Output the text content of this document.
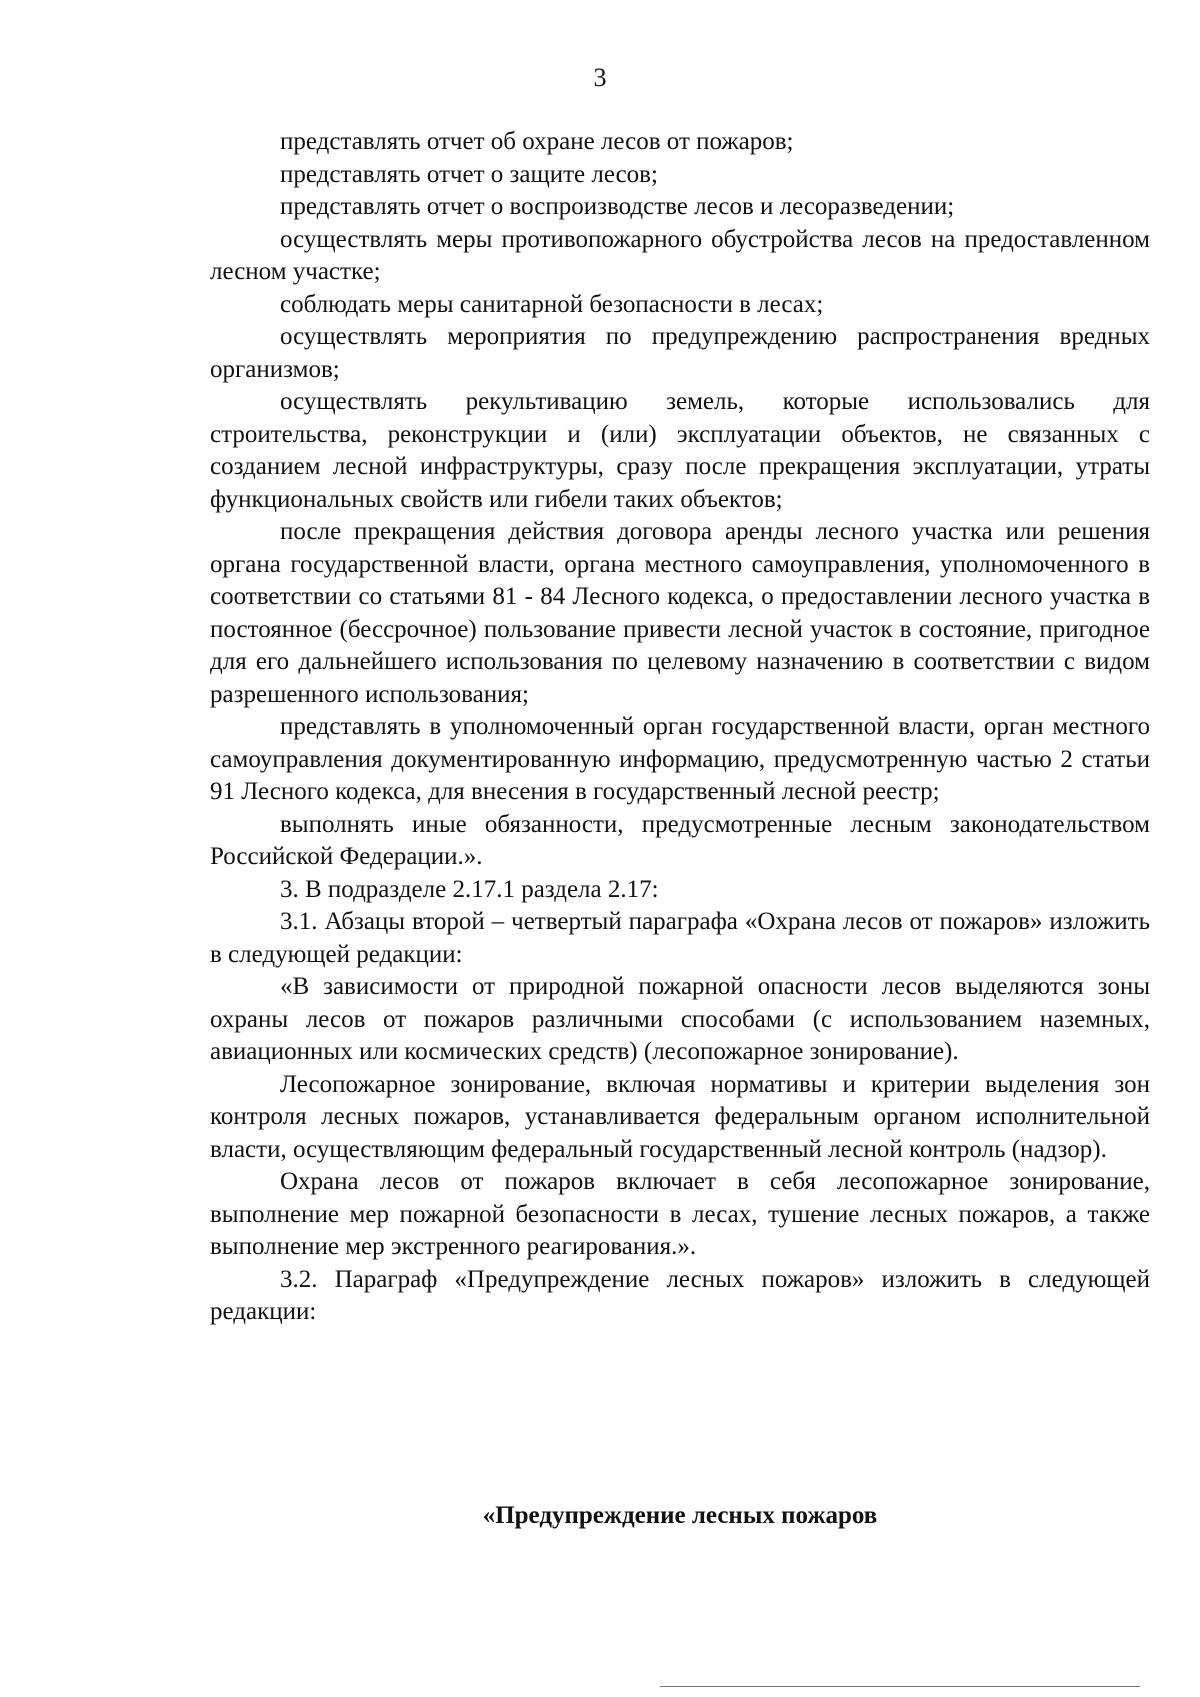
3

представлять отчет об охране лесов от пожаров;

представлять отчет о защите лесов;

представлять отчет о воспроизводстве лесов и лесоразведении;

осуществлять меры противопожарного обустройства лесов на предоставленном лесном участке;

соблюдать меры санитарной безопасности в лесах;

осуществлять мероприятия по предупреждению распространения вредных организмов;

осуществлять рекультивацию земель, которые использовались для строительства, реконструкции и (или) эксплуатации объектов, не связанных с созданием лесной инфраструктуры, сразу после прекращения эксплуатации, утраты функциональных свойств или гибели таких объектов;

после прекращения действия договора аренды лесного участка или решения органа государственной власти, органа местного самоуправления, уполномоченного в соответствии со статьями 81 - 84 Лесного кодекса, о предоставлении лесного участка в постоянное (бессрочное) пользование привести лесной участок в состояние, пригодное для его дальнейшего использования по целевому назначению в соответствии с видом разрешенного использования;

представлять в уполномоченный орган государственной власти, орган местного самоуправления документированную информацию, предусмотренную частью 2 статьи 91 Лесного кодекса, для внесения в государственный лесной реестр;

выполнять иные обязанности, предусмотренные лесным законодательством Российской Федерации.».

3. В подразделе 2.17.1 раздела 2.17:

3.1. Абзацы второй – четвертый параграфа «Охрана лесов от пожаров» изложить в следующей редакции:

«В зависимости от природной пожарной опасности лесов выделяются зоны охраны лесов от пожаров различными способами (с использованием наземных, авиационных или космических средств) (лесопожарное зонирование).

Лесопожарное зонирование, включая нормативы и критерии выделения зон контроля лесных пожаров, устанавливается федеральным органом исполнительной власти, осуществляющим федеральный государственный лесной контроль (надзор).

Охрана лесов от пожаров включает в себя лесопожарное зонирование, выполнение мер пожарной безопасности в лесах, тушение лесных пожаров, а также выполнение мер экстренного реагирования.».

3.2. Параграф «Предупреждение лесных пожаров» изложить в следующей редакции:

«Предупреждение лесных пожаров
